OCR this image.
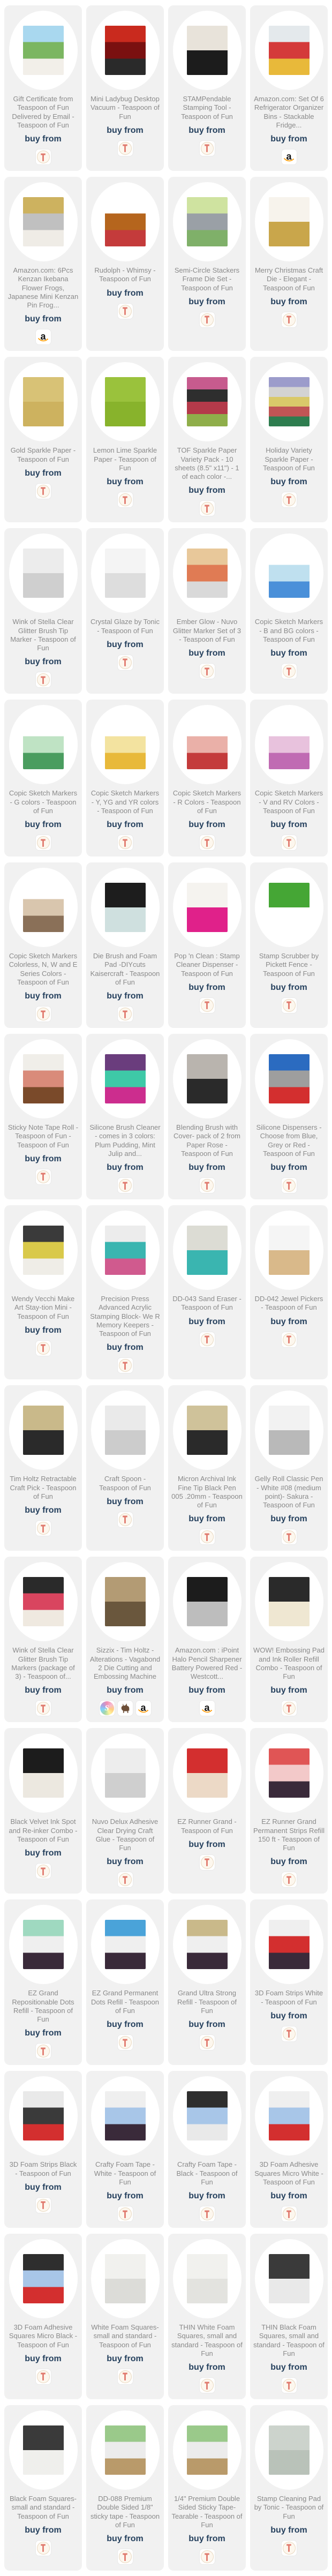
Gift Certificate from Teaspoon of Fun Delivered by Email - Teaspoon of Fun
buy from
Mini Ladybug Desktop Vacuum - Teaspoon of Fun
buy from
STAMPendable Stamping Tool - Teaspoon of Fun
buy from
Amazon.com: Set Of 6 Refrigerator Organizer Bins - Stackable Fridge...
buy from
a
Amazon.com: 6Pcs Kenzan Ikebana Flower Frogs, Japanese Mini Kenzan Pin Frog...
buy from
a
Rudolph - Whimsy - Teaspoon of Fun
buy from
Semi-Circle Stackers Frame Die Set - Teaspoon of Fun
buy from
Merry Christmas Craft Die - Elegant - Teaspoon of Fun
buy from
Gold Sparkle Paper - Teaspoon of Fun
buy from
Lemon Lime Sparkle Paper - Teaspoon of Fun
buy from
TOF Sparkle Paper Variety Pack - 10 sheets (8.5" x11") - 1 of each color -...
buy from
Holiday Variety Sparkle Paper - Teaspoon of Fun
buy from
Wink of Stella Clear Glitter Brush Tip Marker - Teaspoon of Fun
buy from
Crystal Glaze by Tonic - Teaspoon of Fun
buy from
Ember Glow - Nuvo Glitter Marker Set of 3 - Teaspoon of Fun
buy from
Copic Sketch Markers - B and BG colors - Teaspoon of Fun
buy from
Copic Sketch Markers - G colors - Teaspoon of Fun
buy from
Copic Sketch Markers - Y, YG and YR colors - Teaspoon of Fun
buy from
Copic Sketch Markers - R Colors - Teaspoon of Fun
buy from
Copic Sketch Markers - V and RV Colors - Teaspoon of Fun
buy from
Copic Sketch Markers Colorless, N, W and E Series Colors - Teaspoon of Fun
buy from
Die Brush and Foam Pad -DIYcuts Kaisercraft - Teaspoon of Fun
buy from
Pop 'n Clean : Stamp Cleaner Dispenser - Teaspoon of Fun
buy from
Stamp Scrubber by Pickett Fence - Teaspoon of Fun
buy from
Sticky Note Tape Roll - Teaspoon of Fun - Teaspoon of Fun
buy from
Silicone Brush Cleaner - comes in 3 colors: Plum Pudding, Mint Julip and...
buy from
Blending Brush with Cover- pack of 2 from Paper Rose - Teaspoon of Fun
buy from
Silicone Dispensers - Choose from Blue, Grey or Red - Teaspoon of Fun
buy from
Wendy Vecchi Make Art Stay-tion Mini - Teaspoon of Fun
buy from
Precision Press Advanced Acrylic Stamping Block- We R Memory Keepers - Teaspoon of Fun
buy from
DD-043 Sand Eraser - Teaspoon of Fun
buy from
DD-042 Jewel Pickers - Teaspoon of Fun
buy from
Tim Holtz Retractable Craft Pick - Teaspoon of Fun
buy from
Craft Spoon - Teaspoon of Fun
buy from
Micron Archival Ink Fine Tip Black Pen 005 .20mm - Teaspoon of Fun
buy from
Gelly Roll Classic Pen - White #08 (medium point)- Sakura - Teaspoon of Fun
buy from
Wink of Stella Clear Glitter Brush Tip Markers (package of 3) - Teaspoon of...
buy from
Sizzix - Tim Holtz - Alterations - Vagabond 2 Die Cutting and Embossing Machine
buy from
S	a
Amazon.com : iPoint Halo Pencil Sharpener Battery Powered Red - Westcott...
buy from
a
WOW! Embossing Pad and Ink Roller Refill Combo - Teaspoon of Fun
buy from
Black Velvet Ink Spot and Re-inker Combo - Teaspoon of Fun
buy from
Nuvo Delux Adhesive Clear Drying Craft Glue - Teaspoon of Fun
buy from
EZ Runner Grand - Teaspoon of Fun
buy from
EZ Runner Grand Permanent Strips Refill 150 ft - Teaspoon of Fun
buy from
EZ Grand Repositionable Dots Refill - Teaspoon of Fun
buy from
EZ Grand Permanent Dots Refill - Teaspoon of Fun
buy from
Grand Ultra Strong Refill - Teaspoon of Fun
buy from
3D Foam Strips White - Teaspoon of Fun
buy from
3D Foam Strips Black - Teaspoon of Fun
buy from
Crafty Foam Tape - White - Teaspoon of Fun
buy from
Crafty Foam Tape - Black - Teaspoon of Fun
buy from
3D Foam Adhesive Squares Micro White - Teaspoon of Fun
buy from
3D Foam Adhesive Squares Micro Black - Teaspoon of Fun
buy from
White Foam Squares- small and standard - Teaspoon of Fun
buy from
THIN White Foam Squares, small and standard - Teaspoon of Fun
buy from
THIN Black Foam Squares, small and standard - Teaspoon of Fun
buy from
Black Foam Squares- small and standard - Teaspoon of Fun
buy from
DD-088 Premium Double Sided 1/8" sticky tape - Teaspoon of Fun
buy from
1/4" Premium Double Sided Sticky Tape- Tearable - Teaspoon of Fun
buy from
Stamp Cleaning Pad by Tonic - Teaspoon of Fun
buy from
